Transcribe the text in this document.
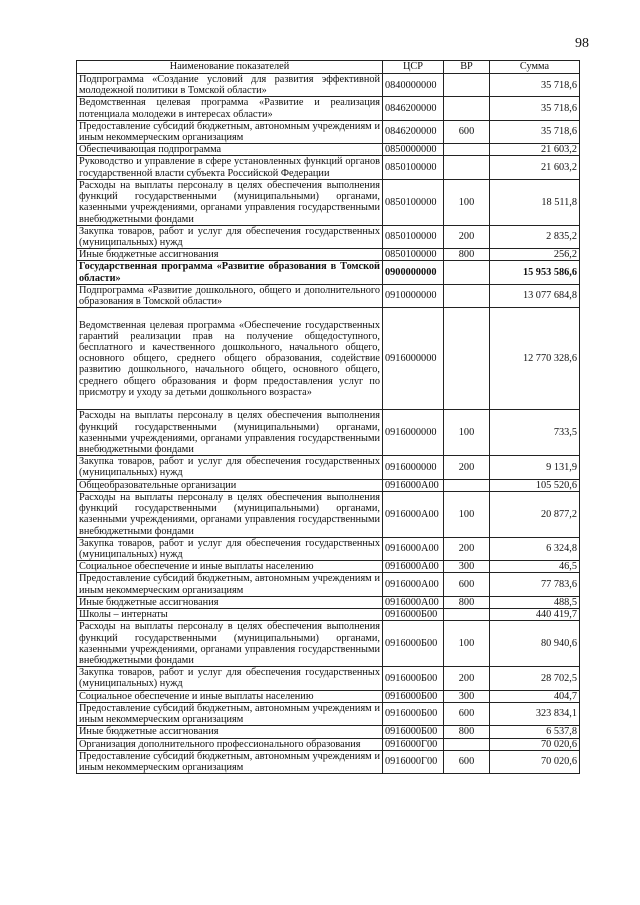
98
Наименование показателей	ЦСР	ВР	Сумма
Подпрограмма «Создание условий для развития эффективной молодежной политики в Томской области»	0840000000		35 718,6
Ведомственная целевая программа «Развитие и реализация потенциала молодежи в интересах области»	0846200000		35 718,6
Предоставление субсидий бюджетным, автономным учреждениям и иным некоммерческим организациям	0846200000	600	35 718,6
Обеспечивающая подпрограмма	0850000000		21 603,2
Руководство и управление в сфере установленных функций органов государственной власти субъекта Российской Федерации	0850100000		21 603,2
Расходы на выплаты персоналу в целях обеспечения выполнения функций государственными (муниципальными) органами, казенными учреждениями, органами управления государственными внебюджетными фондами	0850100000	100	18 511,8
Закупка товаров, работ и услуг для обеспечения государственных (муниципальных) нужд	0850100000	200	2 835,2
Иные бюджетные ассигнования	0850100000	800	256,2
Государственная программа «Развитие образования в Томской области»	0900000000		15 953 586,6
Подпрограмма «Развитие дошкольного, общего и дополнительного образования в Томской области»	0910000000		13 077 684,8
Ведомственная целевая программа «Обеспечение государственных гарантий реализации прав на получение общедоступного, бесплатного и качественного дошкольного, начального общего, основного общего, среднего общего образования, содействие развитию дошкольного, начального общего, основного общего, среднего общего образования и форм предоставления услуг по присмотру и уходу за детьми дошкольного возраста»	0916000000		12 770 328,6
Расходы на выплаты персоналу в целях обеспечения выполнения функций государственными (муниципальными) органами, казенными учреждениями, органами управления государственными внебюджетными фондами	0916000000	100	733,5
Закупка товаров, работ и услуг для обеспечения государственных (муниципальных) нужд	0916000000	200	9 131,9
Общеобразовательные организации	0916000А00		105 520,6
Расходы на выплаты персоналу в целях обеспечения выполнения функций государственными (муниципальными) органами, казенными учреждениями, органами управления государственными внебюджетными фондами	0916000А00	100	20 877,2
Закупка товаров, работ и услуг для обеспечения государственных (муниципальных) нужд	0916000А00	200	6 324,8
Социальное обеспечение и иные выплаты населению	0916000А00	300	46,5
Предоставление субсидий бюджетным, автономным учреждениям и иным некоммерческим организациям	0916000А00	600	77 783,6
Иные бюджетные ассигнования	0916000А00	800	488,5
Школы – интернаты	0916000Б00		440 419,7
Расходы на выплаты персоналу в целях обеспечения выполнения функций государственными (муниципальными) органами, казенными учреждениями, органами управления государственными внебюджетными фондами	0916000Б00	100	80 940,6
Закупка товаров, работ и услуг для обеспечения государственных (муниципальных) нужд	0916000Б00	200	28 702,5
Социальное обеспечение и иные выплаты населению	0916000Б00	300	404,7
Предоставление субсидий бюджетным, автономным учреждениям и иным некоммерческим организациям	0916000Б00	600	323 834,1
Иные бюджетные ассигнования	0916000Б00	800	6 537,8
Организация дополнительного профессионального образования	0916000Г00		70 020,6
Предоставление субсидий бюджетным, автономным учреждениям и иным некоммерческим организациям	0916000Г00	600	70 020,6
